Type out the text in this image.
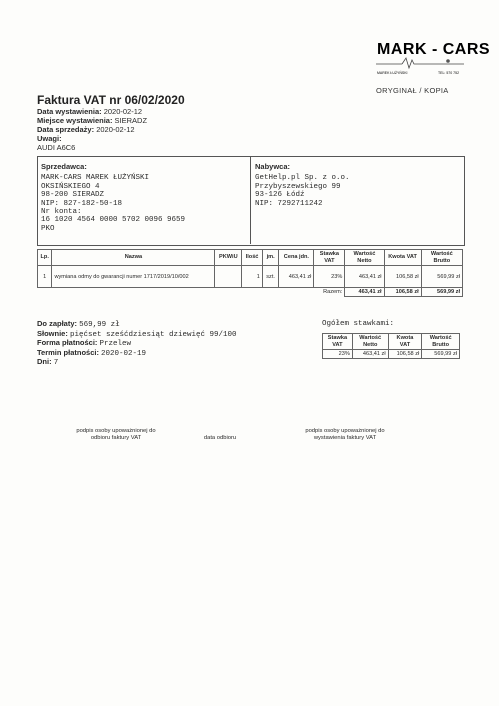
MARK - CARS
MAREK ŁUŻYŃSKI	TEL: 570 752
ORYGINAŁ / KOPIA
Faktura VAT nr 06/02/2020
Data wystawienia: 2020-02-12
Miejsce wystawienia: SIERADZ
Data sprzedaży: 2020-02-12
Uwagi:
AUDI A6C6
Sprzedawca:
MARK-CARS MAREK ŁUŻYŃSKI
OKSIŃSKIEGO 4
98-200 SIERADZ
NIP: 827-182-50-18
Nr konta:
16 1020 4564 0000 5702 0096 9659
PKO
Nabywca:
GetHelp.pl Sp. z o.o.
Przybyszewskiego 99
93-126 Łódź
NIP: 7292711242
Lp.	Nazwa	PKWiU	Ilość	jm.	Cena jdn.	Stawka VAT	Wartość Netto	Kwota VAT	Wartość Brutto
1	wymiana odmy do gwarancji numer 1717/2019/10/002		1	szt.	463,41 zł	23%	463,41 zł	106,58 zł	569,99 zł
						Razem:	463,41 zł	106,58 zł	569,99 zł
Do zapłaty: 569,99 zł
Słownie: pięćset sześćdziesiąt dziewięć 99/100
Forma płatności: Przelew
Termin płatności: 2020-02-19
Dni: 7
Ogółem stawkami:
Stawka VAT	Wartość Netto	Kwota VAT	Wartość Brutto
23%	463,41 zł	106,58 zł	569,99 zł
podpis osoby upoważnionej do odbioru faktury VAT	data odbioru
podpis osoby upoważnionej do wystawienia faktury VAT
